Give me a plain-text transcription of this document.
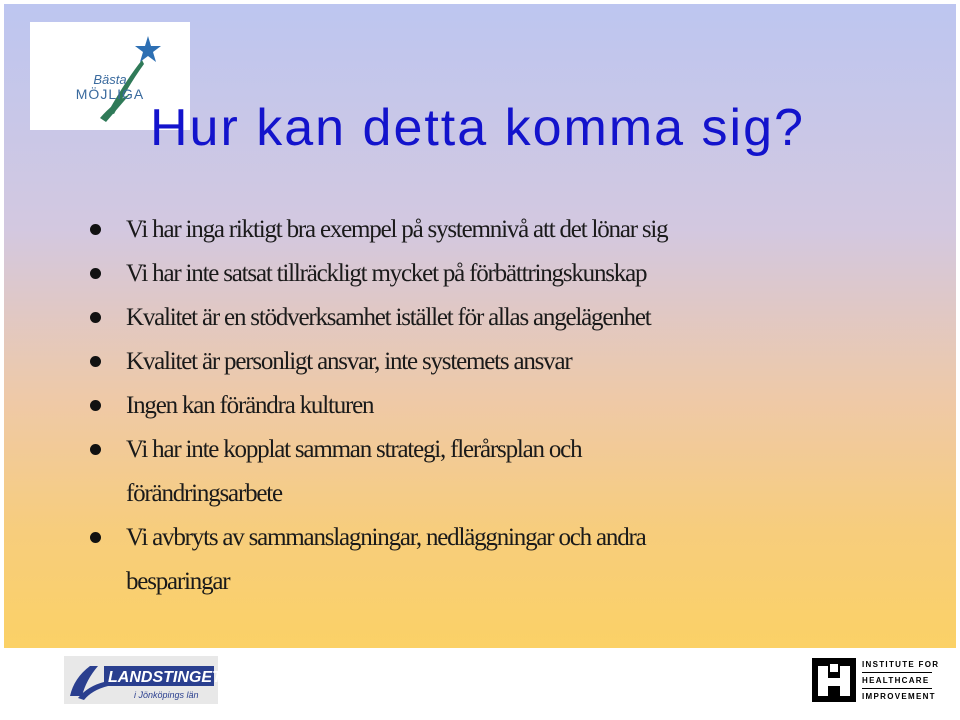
Bästa
MÖJLIGA
Hur kan detta komma sig?
Vi har inga riktigt bra exempel på systemnivå att det lönar sig
Vi har inte satsat tillräckligt mycket på förbättringskunskap
Kvalitet är en stödverksamhet istället för allas angelägenhet
Kvalitet är personligt ansvar, inte systemets ansvar
Ingen kan förändra kulturen
Vi har inte kopplat samman strategi, flerårsplan och
förändringsarbete
Vi avbryts av sammanslagningar, nedläggningar och andra
besparingar
LANDSTINGET
i Jönköpings län
INSTITUTE FOR
HEALTHCARE
IMPROVEMENT
